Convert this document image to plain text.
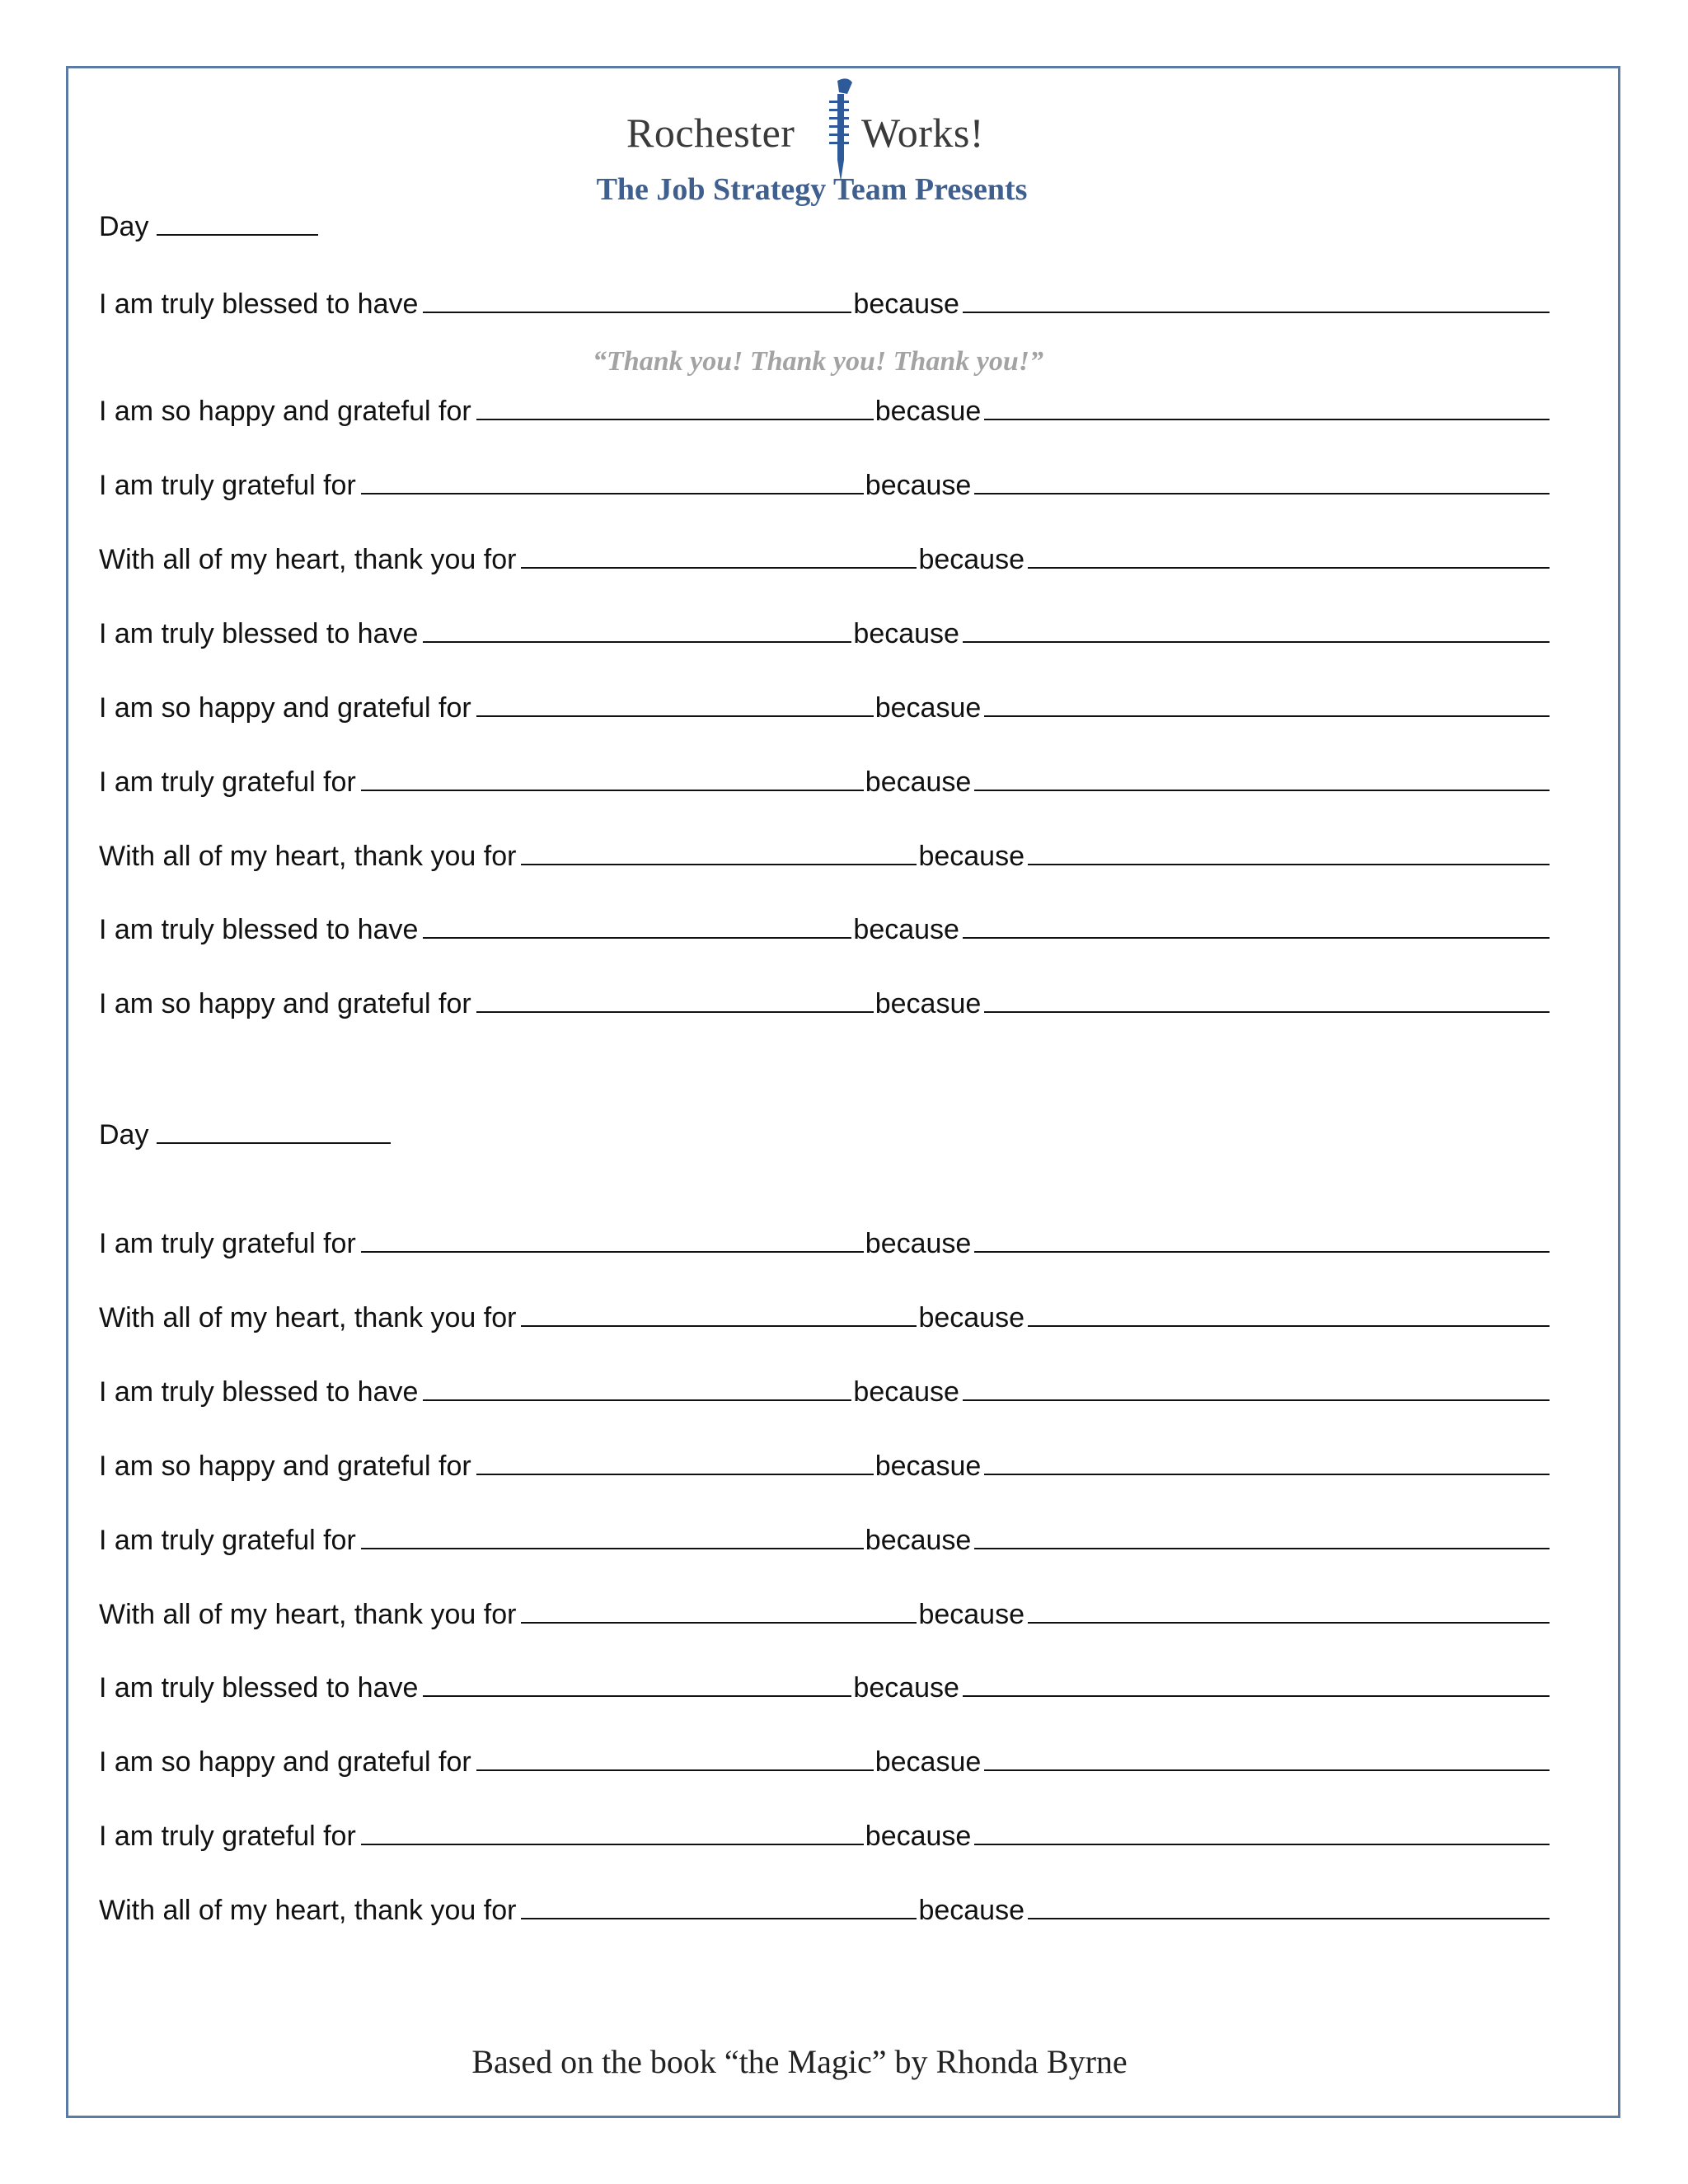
Rochester Works!
The Job Strategy Team Presents
Day
I am truly blessed to have	because
“Thank you! Thank you! Thank you!”
I am so happy and grateful for	becasue
I am truly grateful for	because
With all of my heart, thank you for	because
I am truly blessed to have	because
I am so happy and grateful for	becasue
I am truly grateful for	because
With all of my heart, thank you for	because
I am truly blessed to have	because
I am so happy and grateful for	becasue
Day
I am truly grateful for	because
With all of my heart, thank you for	because
I am truly blessed to have	because
I am so happy and grateful for	becasue
I am truly grateful for	because
With all of my heart, thank you for	because
I am truly blessed to have	because
I am so happy and grateful for	becasue
I am truly grateful for	because
With all of my heart, thank you for	because
Based on the book “the Magic” by Rhonda Byrne
